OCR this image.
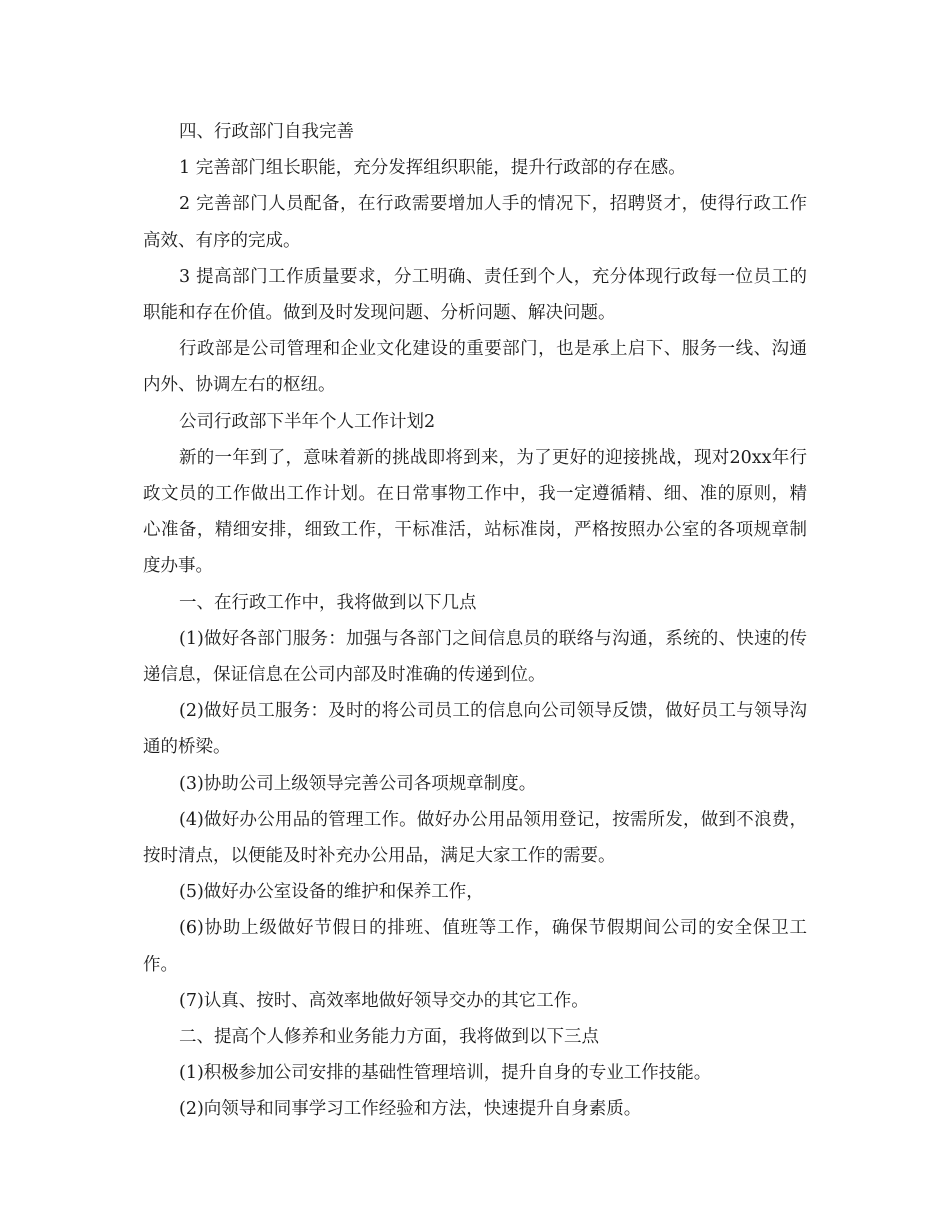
四、行政部门自我完善

1 完善部门组长职能，充分发挥组织职能，提升行政部的存在感。

2 完善部门人员配备，在行政需要增加人手的情况下，招聘贤才，使得行政工作高效、有序的完成。

3 提高部门工作质量要求，分工明确、责任到个人，充分体现行政每一位员工的职能和存在价值。做到及时发现问题、分析问题、解决问题。

行政部是公司管理和企业文化建设的重要部门，也是承上启下、服务一线、沟通内外、协调左右的枢纽。

公司行政部下半年个人工作计划2

新的一年到了，意味着新的挑战即将到来，为了更好的迎接挑战，现对20xx年行政文员的工作做出工作计划。在日常事物工作中，我一定遵循精、细、准的原则，精心准备，精细安排，细致工作，干标准活，站标准岗，严格按照办公室的各项规章制度办事。

一、在行政工作中，我将做到以下几点

(1)做好各部门服务：加强与各部门之间信息员的联络与沟通，系统的、快速的传递信息，保证信息在公司内部及时准确的传递到位。

(2)做好员工服务：及时的将公司员工的信息向公司领导反馈，做好员工与领导沟通的桥梁。

(3)协助公司上级领导完善公司各项规章制度。

(4)做好办公用品的管理工作。做好办公用品领用登记，按需所发，做到不浪费，按时清点，以便能及时补充办公用品，满足大家工作的需要。

(5)做好办公室设备的维护和保养工作，

(6)协助上级做好节假日的排班、值班等工作，确保节假期间公司的安全保卫工作。

(7)认真、按时、高效率地做好领导交办的其它工作。

二、提高个人修养和业务能力方面，我将做到以下三点

(1)积极参加公司安排的基础性管理培训，提升自身的专业工作技能。

(2)向领导和同事学习工作经验和方法，快速提升自身素质。
